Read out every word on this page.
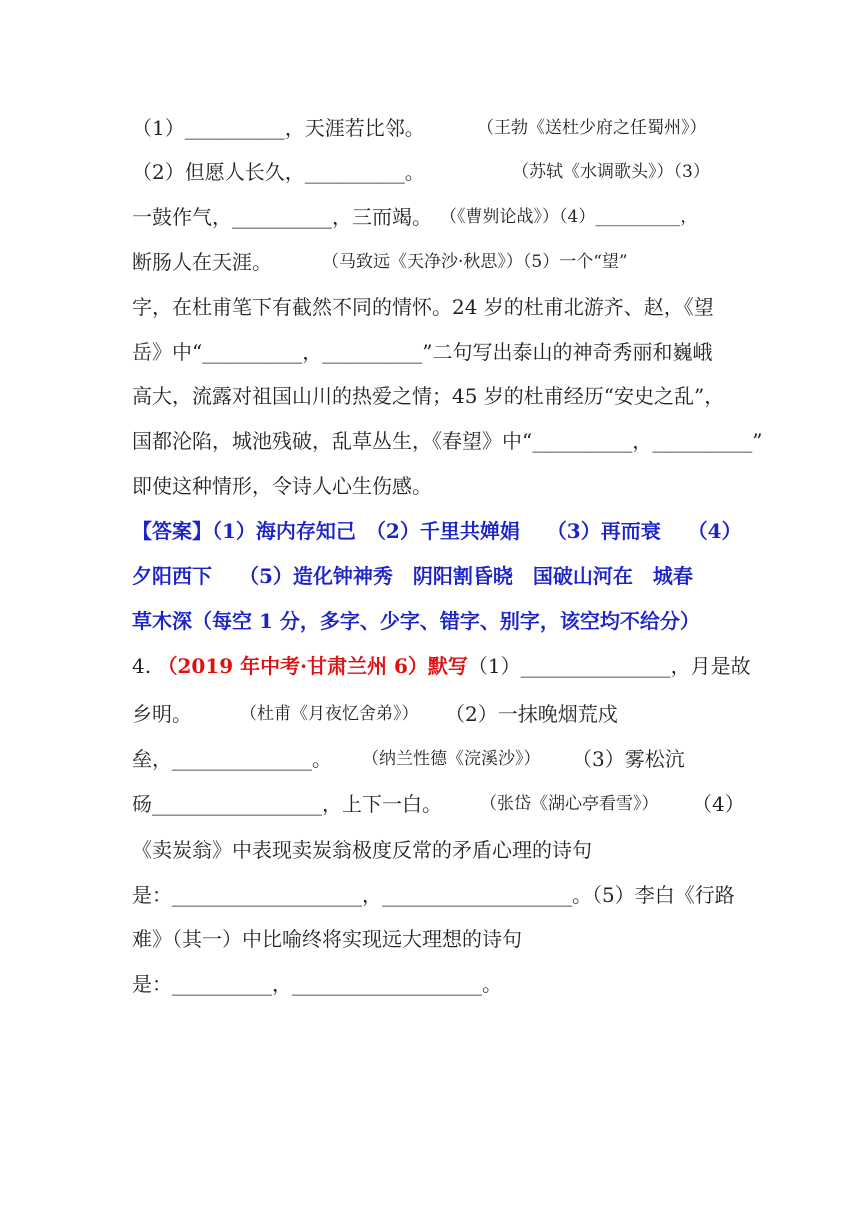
（1）__________，天涯若比邻。	（王勃《送杜少府之任蜀州》）
（2）但愿人长久，__________。	（苏轼《水调歌头》）（3）
一鼓作气，__________，三而竭。 （《曹刿论战》）（4）__________，
断肠人在天涯。	（马致远《天净沙·秋思》）（5）一个“望”
字，在杜甫笔下有截然不同的情怀。24 岁的杜甫北游齐、赵，《望
岳》中“__________，__________”二句写出泰山的神奇秀丽和巍峨
高大，流露对祖国山川的热爱之情；45 岁的杜甫经历“安史之乱”，
国都沦陷，城池残破，乱草丛生，《春望》中“__________，__________”
即使这种情形，令诗人心生伤感。
【答案】（1）海内存知己　（2）千里共婵娟　 （3）再而衰　 （4）
夕阳西下　 （5）造化钟神秀　阴阳割昏晓　国破山河在　城春
草木深（每空 1 分，多字、少字、错字、别字，该空均不给分）
4. （2019 年中考·甘肃兰州 6）默写（1）_______________，月是故
乡明。	（杜甫《月夜忆舍弟》） （2）一抹晚烟荒戍
垒，______________。 （纳兰性德《浣溪沙》） （3）雾松沆
砀_________________，上下一白。 （张岱《湖心亭看雪》） （4）
《卖炭翁》中表现卖炭翁极度反常的矛盾心理的诗句
是：___________________，___________________。（5）李白《行路
难》（其一）中比喻终将实现远大理想的诗句
是：__________，___________________。
